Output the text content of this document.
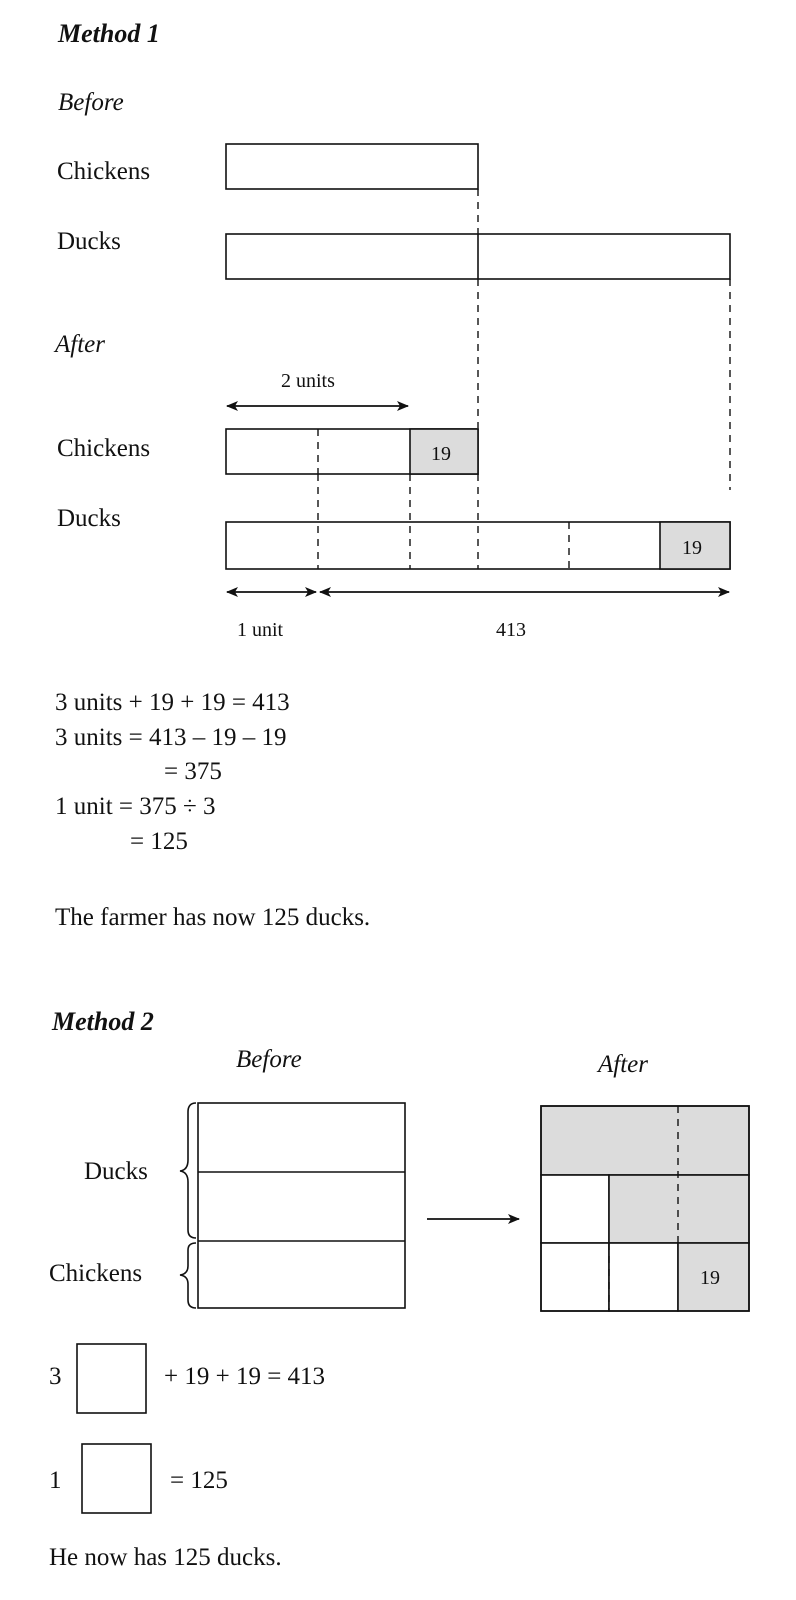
Method 1
Before
Chickens
Ducks
After
2 units
Chickens	19
Ducks
19
1 unit	413
3 units + 19 + 19 = 413
3 units = 413 – 19 – 19
= 375
1 unit = 375 ÷ 3
= 125
The farmer has now 125 ducks.
Method 2
Before	After
Ducks
Chickens	19
3	+ 19 + 19 = 413
1	= 125
He now has 125 ducks.
